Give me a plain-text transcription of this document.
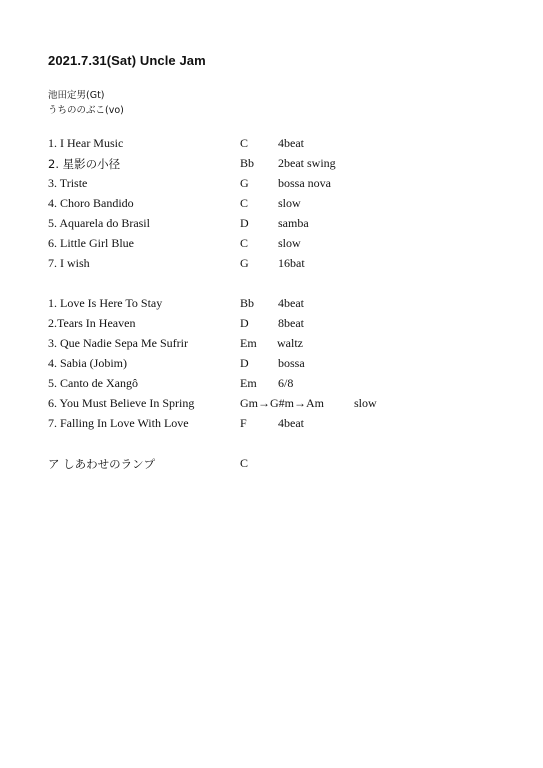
2021.7.31(Sat) Uncle Jam
池田定男(Gt)
うちののぶこ(vo)
1. I Hear Music	C 4beat
2. 星影の小径	Bb 2beat swing
3. Triste	G bossa nova
4. Choro Bandido	C slow
5. Aquarela do Brasil	D samba
6. Little Girl Blue	C slow
7. I wish	G 16bat
1. Love Is Here To Stay	Bb 4beat
2.Tears In Heaven	D 8beat
3. Que Nadie Sepa Me Sufrir	Em waltz
4. Sabia (Jobim)	D bossa
5. Canto de Xangô	Em 6/8
6. You Must Believe In Spring	Gm→G#m→Am	slow
7. Falling In Love With Love	F	4beat
ア しあわせのランプ	C
